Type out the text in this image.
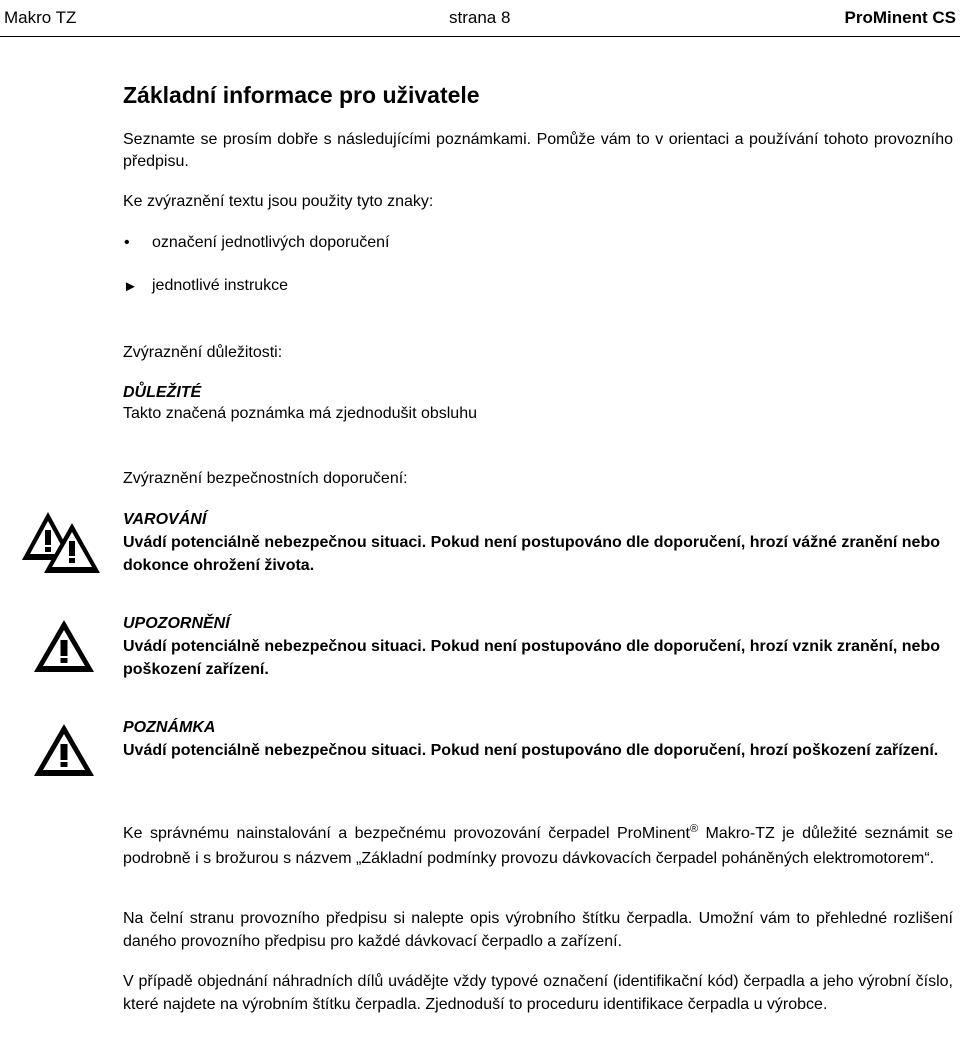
Makro TZ	strana 8	ProMinent CS
Základní informace pro uživatele

Seznamte se prosím dobře s následujícími poznámkami. Pomůže vám to v orientaci a používání tohoto provozního předpisu.

Ke zvýraznění textu jsou použity tyto znaky:

• označení jednotlivých doporučení
► jednotlivé instrukce

Zvýraznění důležitosti:

DŮLEŽITÉ

Takto značená poznámka má zjednodušit obsluhu

Zvýraznění bezpečnostních doporučení:

VAROVÁNÍ
Uvádí potenciálně nebezpečnou situaci. Pokud není postupováno dle doporučení, hrozí vážné zranění nebo dokonce ohrožení života.
UPOZORNĚNÍ
Uvádí potenciálně nebezpečnou situaci. Pokud není postupováno dle doporučení, hrozí vznik zranění, nebo poškození zařízení.
POZNÁMKA
Uvádí potenciálně nebezpečnou situaci. Pokud není postupováno dle doporučení, hrozí poškození zařízení.

Ke správnému nainstalování a bezpečnému provozování čerpadel ProMinent® Makro-TZ je důležité seznámit se podrobně i s brožurou s názvem „Základní podmínky provozu dávkovacích čerpadel poháněných elektromotorem“.

Na čelní stranu provozního předpisu si nalepte opis výrobního štítku čerpadla. Umožní vám to přehledné rozlišení daného provozního předpisu pro každé dávkovací čerpadlo a zařízení.

V případě objednání náhradních dílů uvádějte vždy typové označení (identifikační kód) čerpadla a jeho výrobní číslo, které najdete na výrobním štítku čerpadla. Zjednoduší to proceduru identifikace čerpadla u výrobce.
